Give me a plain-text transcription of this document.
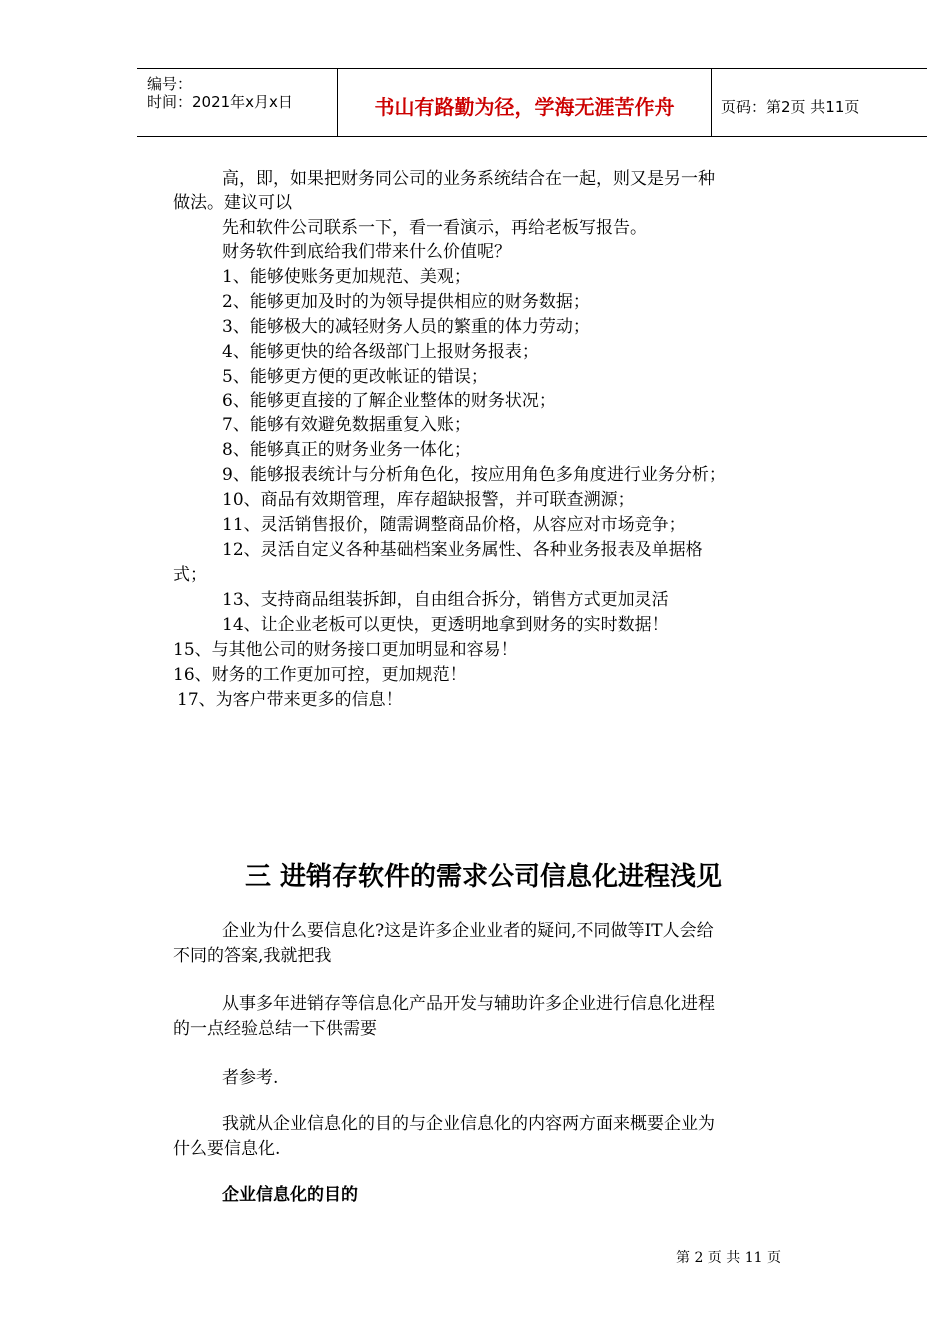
编号：
时间：2021年x月x日	书山有路勤为径，学海无涯苦作舟	页码：第2页 共11页
高，即，如果把财务同公司的业务系统结合在一起，则又是另一种
做法。建议可以
先和软件公司联系一下，看一看演示，再给老板写报告。
财务软件到底给我们带来什么价值呢？
1、能够使账务更加规范、美观；
2、能够更加及时的为领导提供相应的财务数据；
3、能够极大的减轻财务人员的繁重的体力劳动；
4、能够更快的给各级部门上报财务报表；
5、能够更方便的更改帐证的错误；
6、能够更直接的了解企业整体的财务状况；
7、能够有效避免数据重复入账；
8、能够真正的财务业务一体化；
9、能够报表统计与分析角色化，按应用角色多角度进行业务分析；
10、商品有效期管理，库存超缺报警，并可联查溯源；
11、灵活销售报价，随需调整商品价格，从容应对市场竞争；
12、灵活自定义各种基础档案业务属性、各种业务报表及单据格
式；
13、支持商品组装拆卸，自由组合拆分，销售方式更加灵活
14、让企业老板可以更快，更透明地拿到财务的实时数据！
15、与其他公司的财务接口更加明显和容易！
16、财务的工作更加可控，更加规范！
17、为客户带来更多的信息！
三 进销存软件的需求公司信息化进程浅见
企业为什么要信息化?这是许多企业业者的疑问,不同做等IT人会给
不同的答案,我就把我
从事多年进销存等信息化产品开发与辅助许多企业进行信息化进程
的一点经验总结一下供需要
者参考.
我就从企业信息化的目的与企业信息化的内容两方面来概要企业为
什么要信息化.
企业信息化的目的
第 2 页 共 11 页
